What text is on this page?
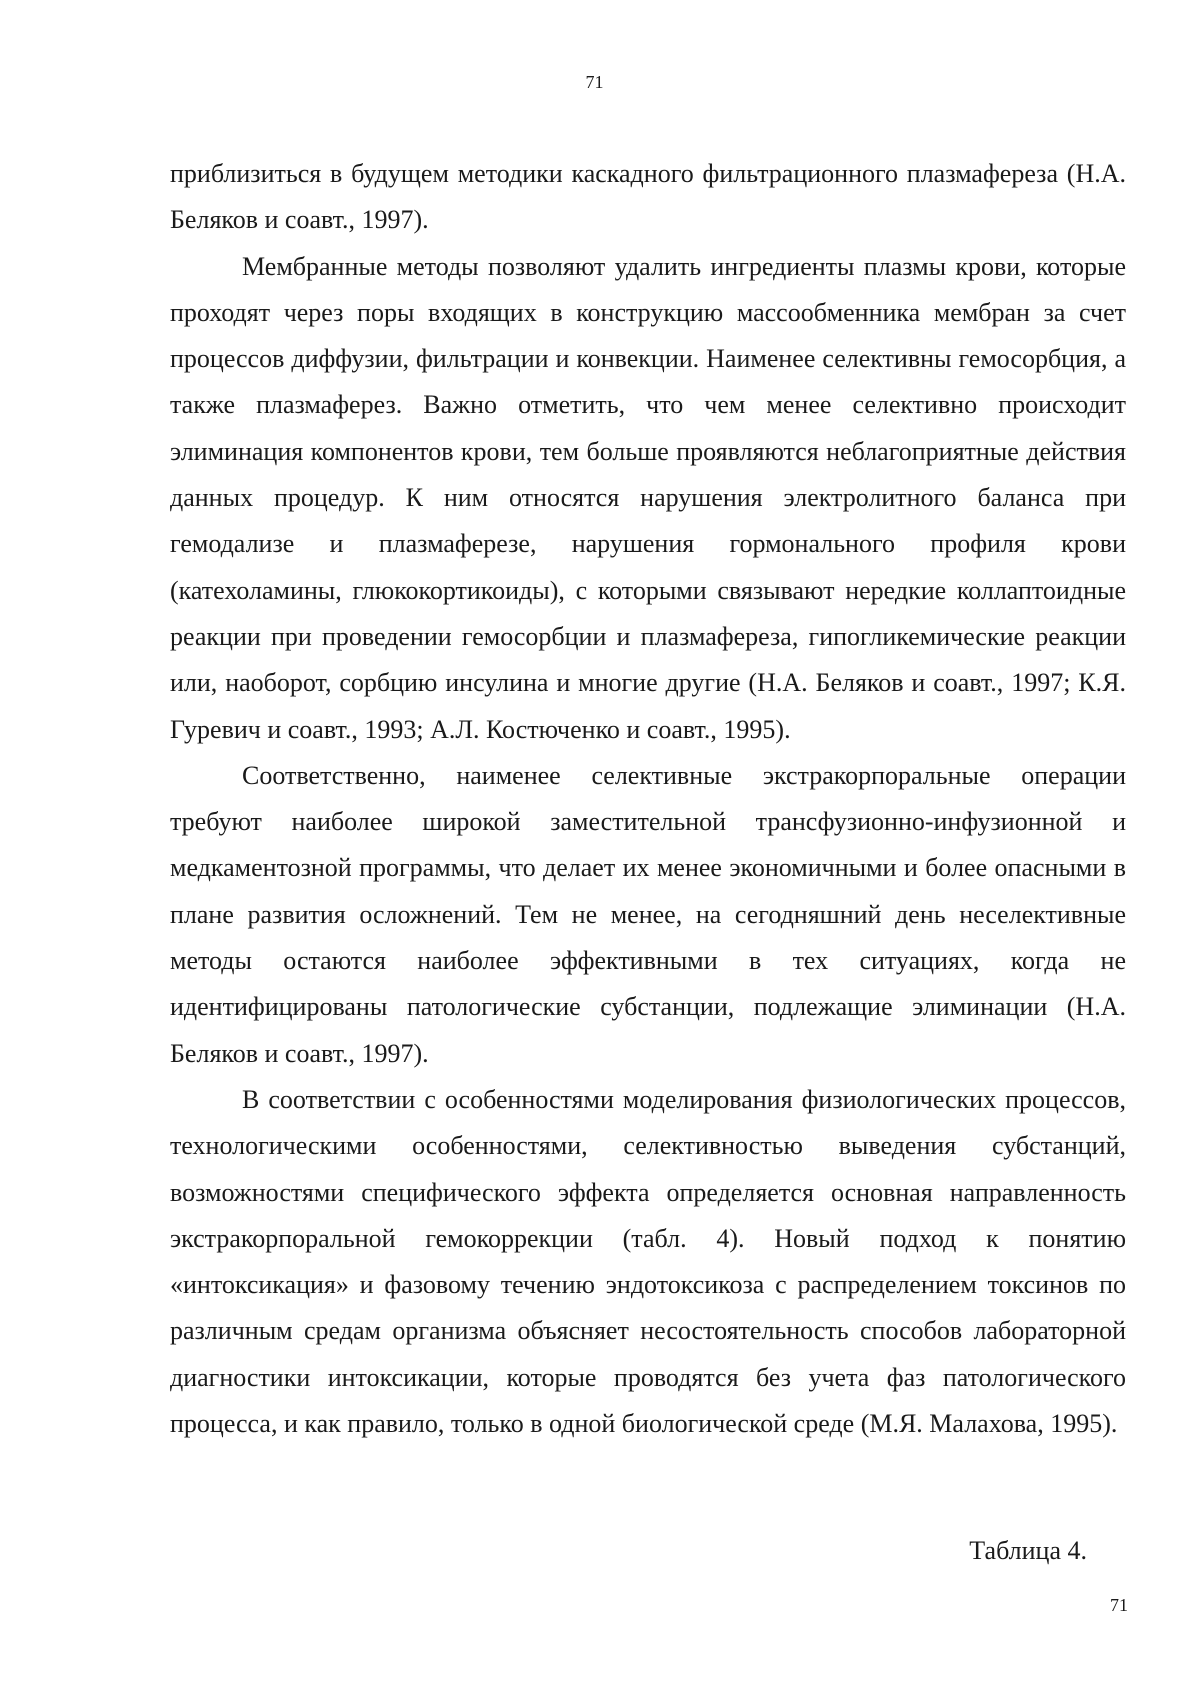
71

приблизиться в будущем методики каскадного фильтрационного плазмафереза (Н.А. Беляков и соавт., 1997).

Мембранные методы позволяют удалить ингредиенты плазмы крови, которые проходят через поры входящих в конструкцию массообменника мембран за счет процессов диффузии, фильтрации и конвекции. Наименее селективны гемосорбция, а также плазмаферез. Важно отметить, что чем менее селективно происходит элиминация компонентов крови, тем больше проявляются неблагоприятные действия данных процедур. К ним относятся нарушения электролитного баланса при гемодализе и плазмаферезе, нарушения гормонального профиля крови (катехоламины, глюкокортикоиды), с которыми связывают нередкие коллаптоидные реакции при проведении гемосорбции и плазмафереза, гипогликемические реакции или, наоборот, сорбцию инсулина и многие другие (Н.А. Беляков и соавт., 1997; К.Я. Гуревич и соавт., 1993; А.Л. Костюченко и соавт., 1995).

Соответственно, наименее селективные экстракорпоральные операции требуют наиболее широкой заместительной трансфузионно-инфузионной и медкаментозной программы, что делает их менее экономичными и более опасными в плане развития осложнений. Тем не менее, на сегодняшний день неселективные методы остаются наиболее эффективными в тех ситуациях, когда не идентифицированы патологические субстанции, подлежащие элиминации (Н.А. Беляков и соавт., 1997).

В соответствии с особенностями моделирования физиологических процессов, технологическими особенностями, селективностью выведения субстанций, возможностями специфического эффекта определяется основная направленность экстракорпоральной гемокоррекции (табл. 4). Новый подход к понятию «интоксикация» и фазовому течению эндотоксикоза с распределением токсинов по различным средам организма объясняет несостоятельность способов лабораторной диагностики интоксикации, которые проводятся без учета фаз патологического процесса, и как правило, только в одной биологической среде (М.Я. Малахова, 1995).

Таблица 4.
71
